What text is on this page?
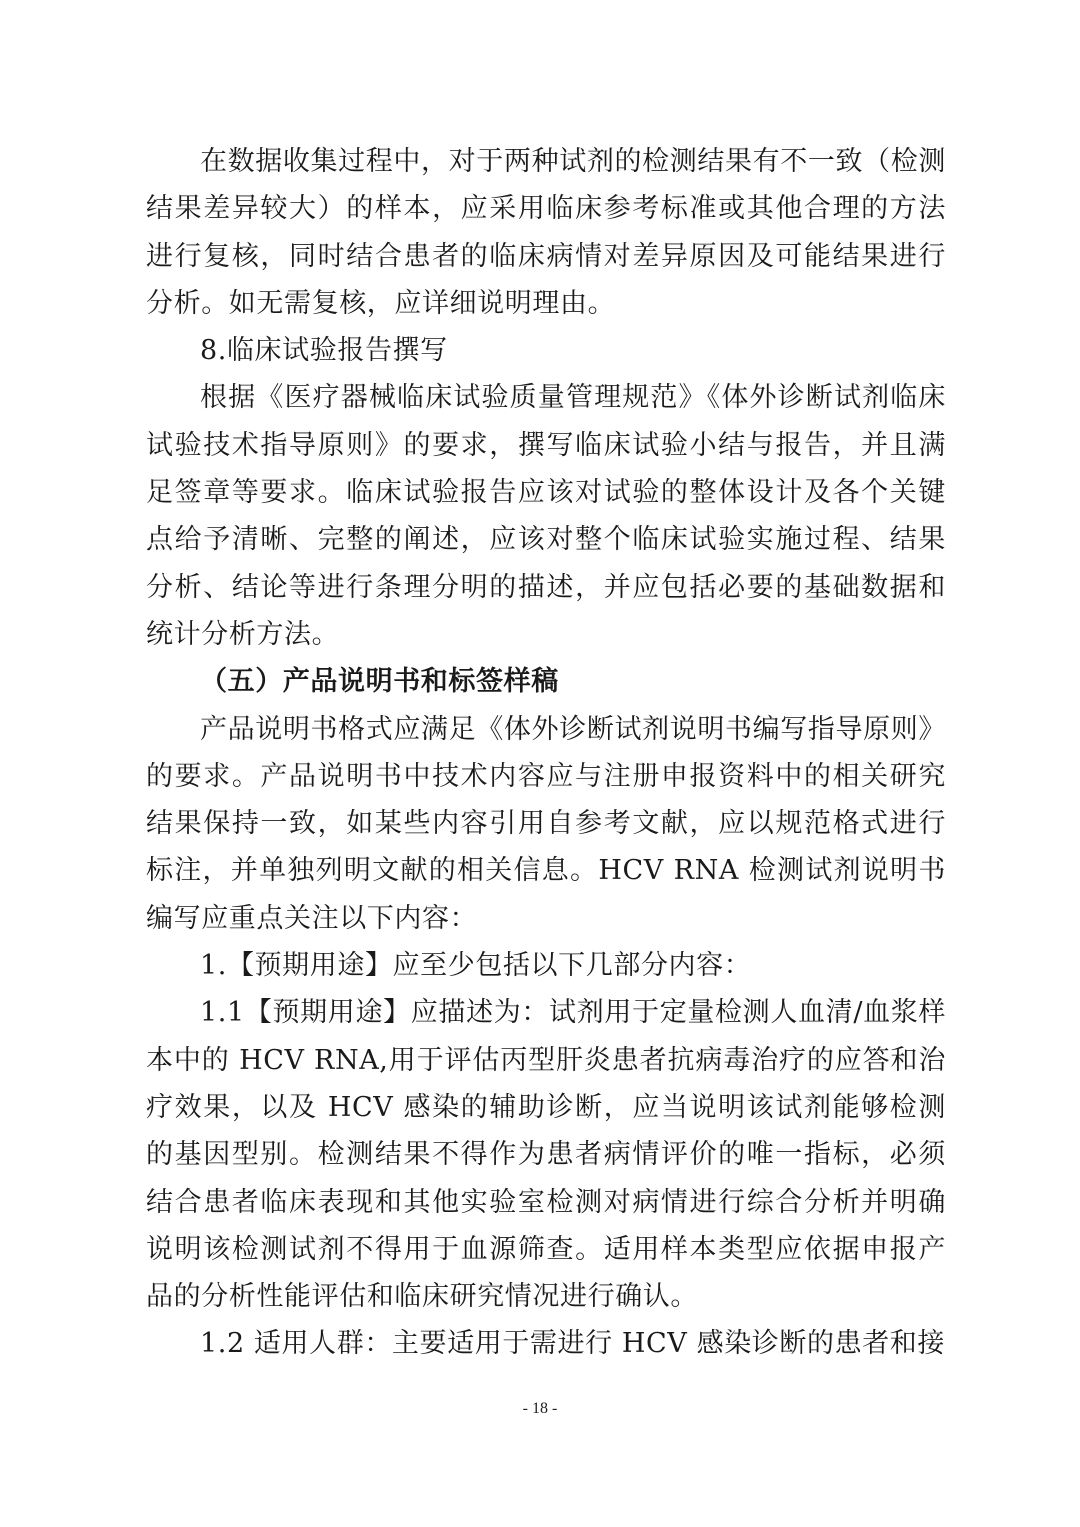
在数据收集过程中，对于两种试剂的检测结果有不一致（检测结果差异较大）的样本，应采用临床参考标准或其他合理的方法进行复核，同时结合患者的临床病情对差异原因及可能结果进行分析。如无需复核，应详细说明理由。

8.临床试验报告撰写

根据《医疗器械临床试验质量管理规范》《体外诊断试剂临床试验技术指导原则》的要求，撰写临床试验小结与报告，并且满足签章等要求。临床试验报告应该对试验的整体设计及各个关键点给予清晰、完整的阐述，应该对整个临床试验实施过程、结果分析、结论等进行条理分明的描述，并应包括必要的基础数据和统计分析方法。

（五）产品说明书和标签样稿

产品说明书格式应满足《体外诊断试剂说明书编写指导原则》的要求。产品说明书中技术内容应与注册申报资料中的相关研究结果保持一致，如某些内容引用自参考文献，应以规范格式进行标注，并单独列明文献的相关信息。HCV RNA 检测试剂说明书编写应重点关注以下内容：

1.【预期用途】应至少包括以下几部分内容：

1.1【预期用途】应描述为：试剂用于定量检测人血清/血浆样本中的 HCV RNA,用于评估丙型肝炎患者抗病毒治疗的应答和治疗效果，以及 HCV 感染的辅助诊断，应当说明该试剂能够检测的基因型别。检测结果不得作为患者病情评价的唯一指标，必须结合患者临床表现和其他实验室检测对病情进行综合分析并明确说明该检测试剂不得用于血源筛查。适用样本类型应依据申报产品的分析性能评估和临床研究情况进行确认。

1.2 适用人群：主要适用于需进行 HCV 感染诊断的患者和接

- 18 -
